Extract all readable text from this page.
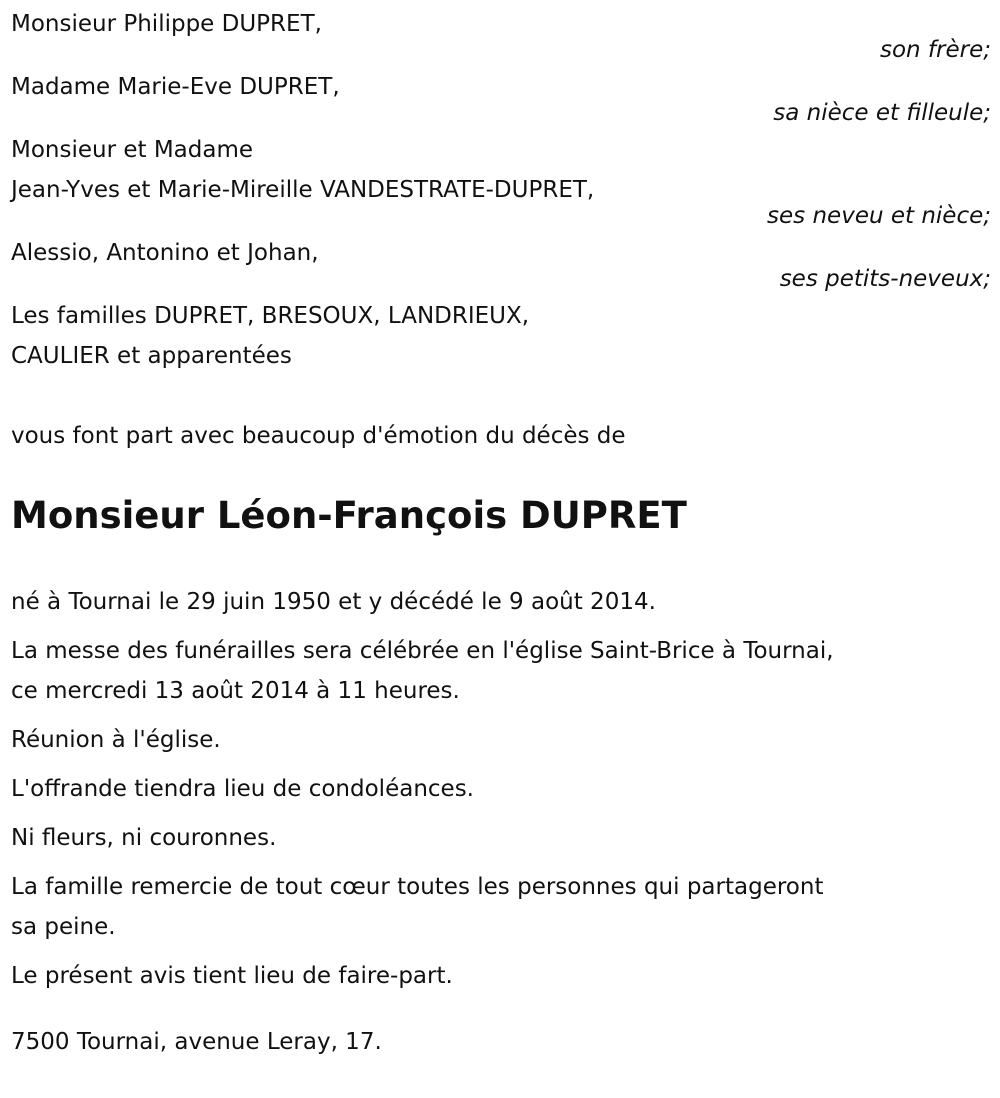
Monsieur Philippe DUPRET,
son frère;
Madame Marie-Eve DUPRET,
sa nièce et filleule;
Monsieur et Madame
Jean-Yves et Marie-Mireille VANDESTRATE-DUPRET,
ses neveu et nièce;
Alessio, Antonino et Johan,
ses petits-neveux;
Les familles DUPRET, BRESOUX, LANDRIEUX,
CAULIER et apparentées
vous font part avec beaucoup d'émotion du décès de
Monsieur Léon-François DUPRET

né à Tournai le 29 juin 1950 et y décédé le 9 août 2014.

La messe des funérailles sera célébrée en l'église Saint-Brice à Tournai,
ce mercredi 13 août 2014 à 11 heures.

Réunion à l'église.

L'offrande tiendra lieu de condoléances.

Ni fleurs, ni couronnes.

La famille remercie de tout cœur toutes les personnes qui partageront
sa peine.

Le présent avis tient lieu de faire-part.

7500 Tournai, avenue Leray, 17.
